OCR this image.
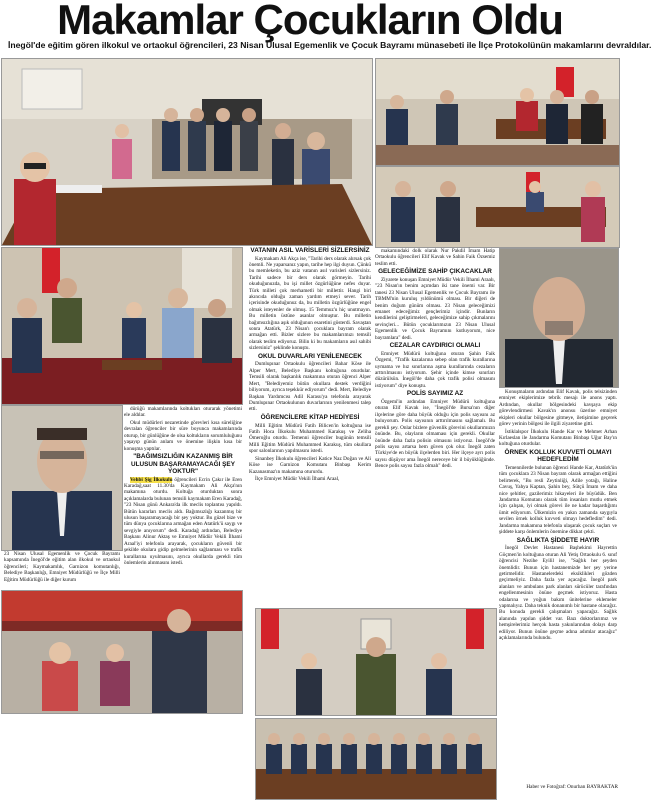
Makamlar Çocukların Oldu
İnegöl'de eğitim gören ilkokul ve ortaokul öğrencileri, 23 Nisan Ulusal Egemenlik ve Çocuk Bayramı münasebeti ile İlçe Protokolünün makamlarını devraldılar.

dürüğü makamlarında koltukları oturarak yönetimi ele aldılar.

Okul müdürleri nezaretinde görevleri kısa süreliğine devralan öğrenciler bir süre boyunca makamlarında oturup, bir günlüğüne de olsa koltukların sorumluluğunu yaşayıp günün anlam ve önemine ilişkin kısa bir konuşma yaptılar.

"BAĞIMSIZLIĞIN KAZANMIŞ BİR ULUSUN BAŞARAMAYACAĞI ŞEY YOKTUR"

Vehbi Şig İlkokulu öğrencileri Ecrin Çakır ile Eren Karadağ,saat 11.30'da Kaymakam Ali Akça'nın makamına oturdu. Koltuğa oturduktan sonra açıklamalarda bulunan temsili kaymakam Eren Karadağ, "23 Nisan günü Ankara'da ilk meclis toplantısı yapıldı. Bütün kararları meclis aldı. Bağımsızlığı kazanmış bir ulusun başaramayacağı bir şey yoktur. Bu güzel bize ve tüm dünya çocuklarına armağan eden Atatürk'ü saygı ve sevgiyle anıyorum" dedi. Karadağ ardından, Belediye Başkanı Alinur Aktaş ve Emniyet Müdür Vekili İlhami Araal'iyi telefonla arayarak, çocukların güvenli bir şekilde okulara gidip gelmelerinin sağlanması ve trafik kurallarına uyulmasını, ayrıca okullarda gerekli tüm önlemlerin alınmasını istedi.

23 Nisan Ulusal Egemenlik ve Çocuk Bayramı kapsamında İnegöl'de eğitim alan ilkokul ve ortaokul öğrencileri; Kaymakamlık, Garnizon komutanlığı, Belediye Başkanlığı, Emniyet Müdürlüğü ve İlçe Milli Eğitim Müdürlüğü ile diğer kurum

VATANIN ASIL VARİSLERİ SİZLERSİNİZ

Kaymakam Ali Akça ise, "Tarihi ders olarak alırsak çok önemli. Ne yaparsanız yapın, tarihe hep ilgi duyun. Çünkü bu memleketin, bu aziz vatanın asıl varisleri sizlersiniz. Tarihi sadece bir ders olarak görmeyin. Tarihi okuduğunuzda, bu işi millet özgürlüğüne nefes duyar. Türk milleti çok merhametli bir millettir. Hangi biri akıncıda olduğu zaman yardım etmeyi sever. Tarih içerisinde okuduğunuz da, bu milletin özgürlüğüne engel olmak isteyenler de olmuş. 15 Temmuz'u hiç unutmayın. Bu milletin üstüne asanlar olmuştur. Bu milletin bağımsızlığına aşık olduğunun esaretini gösterdi. Savaştan sonra Atatürk, 23 Nisan'ı çocuklara bayram olarak armağan etti. Bizler sizlere bu makamlarımızı temsili olarak teslim ediyoruz. Bilin ki bu makamların asıl sahibi sizlersiniz" şeklinde konuştu.

OKUL DUVARLARI YENİLENECEK

Dumlupınar Ortaokulu öğrencileri Bahar Köse ile Alper Mert, Belediye Başkanı koltuğuna oturdular. Temsili olarak başkanlık makamına oturan öğrenci Alper Mert, "Belediyemiz bütün okullara destek verdiğini biliyorum, ayrıca teşekkür ediyorum" dedi. Mert, Belediye Başkan Yardımcısı Adil Karasu'ya telefonla arayarak Dumlupınar Ortaokulunun duvarlarının yenilenmesi talep etti.

ÖĞRENCİLERE KİTAP HEDİYESİ

Milli Eğitim Müdürü Fatih Bilicen'in koltuğuna ise Fatih Hoca İlkokulu Muhammed Karakuş ve Zeliha Ömeroğlu oturdu. Temenni öğrenciler bugünün temsili Milli Eğitim Müdürü Muhammed Karakuş, tüm okullara spor salonlarının yapılmasını istedi.

Sinanbey İlkokulu öğrencileri Katice Naz Doğan ve Ali Köse ise Garnizon Komutanı Binbaşı Kerim Kazanasmaz'ın makamına otururdu.

İlçe Emniyet Müdür Vekili İlhami Araal,

makamındaki dolk olarak Nur Pakdil İmam Hatip Ortaokulu öğrencileri Elif Kavak ve Sahin Faik Özsemiz teslim etti.

GELECEĞİMİZE SAHİP ÇIKACAKLAR

Ziyarete konuşan Emniyet Müdür Vekili İlhami Araalı, "23 Nisan'ın benim açımdan iki tane önemi var. Bir tanesi 23 Nisan Ulusal Egemenlik ve Çocuk Bayramı ile TBMM'nin kuruluş yıldönümü olması. Bir diğeri de benim doğum günüm olması. 23 Nisan geleceğimizi emanet edeceğimiz gençlerimiz içindir. Bunların kendilerini geliştirmeleri, geleceğimize sahip çıkmalarını sevinçleri... Bütün çocuklarımızın 23 Nisan Ulusal Egemenlik ve Çocuk Bayramını kutluyorum, nice bayramlara" dedi.

CEZALAR CAYDIRICI OLMALI

Emniyet Müdürü koltuğuna oturan Şahin Faik Özgemi, "Trafik kazalarına sebep olan trafik kurallarına uymama ve hız sınırlarına aşma kurallarında cezaların arttırılmasını istiyorum. Şehir içinde kimse sınırları düzürülsün. İnegöl'de daha çok trafik polisi olmasını istiyorum" diye konuştu.

POLİS SAYIMIZ AZ

Özgemi'in ardından Emniyet Müdürü koltuğuna oturan Elif Kavak ise, "İnegöl'de Bursa'nın diğer ilçelerine göre daha büyük olduğu için polis sayısını az buluyorum. Polis sayısının arttırılmasını sağlamalı. Bu gerekli şey. Onlar bizlere güvenlik görevini okullarımızın önünde. Bu, olayların olmaması için gerekli. Okullar önünde daha fazla polisin olmasını istiyoruz. İnegöl'de polis sayısı artarsa hem güven çok olur. İnegöl zaten Türkiye'de en büyük ilçelerden biri. Her ilçeye ayrı polis sayısı düşüyor ama İnegöl nereceye bir il büyüklüğünde. Bence polis sayısı fazla olmalı" dedi.

Konuşmaların ardından Elif Kavak, polis telsizinden emniyet ekiplerimize tebrik mesajı ile anons yaptı. Ardından, okullar bölgesindeki kavşaya ekip görevlendirmesi Kavak'ın anonsu üzerine emniyet ekipleri okullar bölgesine gitmeye, iletişimine geçerek görev yerinin bölgesi ile ilgili ziyaretine gitti.

İstiklalspor İlkokulu Hande Kar ve Mehmet Arhan Kırlaeslan ile Jandarma Komutanı Binbaşı Uğur Bay'ın koltuğuna oturdular.

ÖRNEK KOLLUK KUVVETİ OLMAYI HEDEFLEDİM

Temennilerde bulunan öğrenci Hande Kar, Atatürk'ün tüm çocuklara 23 Nisan bayram olarak armağan ettiğini belirterek, "Bu resli Zeytinliği, Adile yotağı, Haline Cavuş, Yahya Kaptan, Şahin bey, Sütçü İmam ve daha nice şehitler, gazilerimiz hikayeleri ile büyüdük. Ben Jandarma Komutanı olarak tüm insanları mutlu etmek için çalışan, iyi olmak görevi ile ne kadar başardığımı ümit ediyorum. Ülkemizin en yakın zamanda saygıyla sevilen örnek kolluk kuvveti olmayı hedefledim" dedi. Jandarma makamına telefonla ulaşarak çocuk suçları ve şiddete karşı önlemlerin önemine dikkat çekti.

SAĞLIKTA ŞİDDETE HAYIR

İnegöl Devlet Hastanesi Başhekimi Hayrettin Göçmen'in koltuğuna oturan Ali Yetiş Ortaokulu 6. sınıf öğrencisi Nezihe Eyilil ise, "Sağlık her şeyden önemlidir. Bunun için hastanemizde her şey yerine getirmelidir. Hastanelerdeki eksiklikleri gözden geçirmeliyiz. Daha fazla yer açacağız. İnegöl park alanları ve ambulans park alanları sürücüler tarafından engellenmesinin önüne geçmek istiyoruz. Hasta odalarına ve yoğun bakım ünitelerine eklemeler yapmalıyız. Daha teknik donanımlı bir hastane olacağız. Bu konuda gerekli çalışmaları yapacağız. Sağlık alanında yapılan şiddet var. Bazı doktorlarımız ve hemşirelerimiz herçok hasta yakınlarından dolayı darp ediliyor. Bunun önüne geçme adına adımlar atacağız" açıklamalarında bulundu.

Haber ve Fotoğraf: Onurhan BAYRAKTAR
